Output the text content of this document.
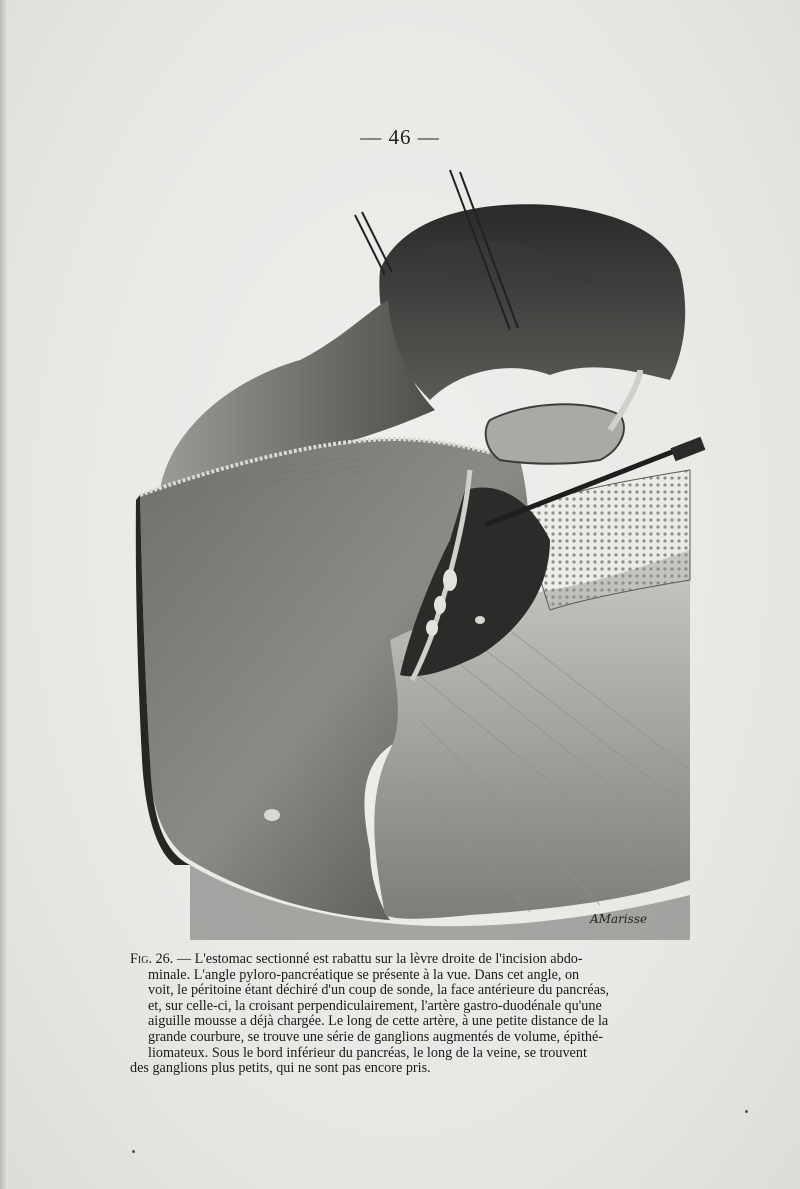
— 46 —
AMarisse
Fig. 26. — L'estomac sectionné est rabattu sur la lèvre droite de l'incision abdo-
minale. L'angle pyloro-pancréatique se présente à la vue. Dans cet angle, on
voit, le péritoine étant déchiré d'un coup de sonde, la face antérieure du pancréas,
et, sur celle-ci, la croisant perpendiculairement, l'artère gastro-duodénale qu'une
aiguille mousse a déjà chargée. Le long de cette artère, à une petite distance de la
grande courbure, se trouve une série de ganglions augmentés de volume, épithé-
liomateux. Sous le bord inférieur du pancréas, le long de la veine, se trouvent
des ganglions plus petits, qui ne sont pas encore pris.
